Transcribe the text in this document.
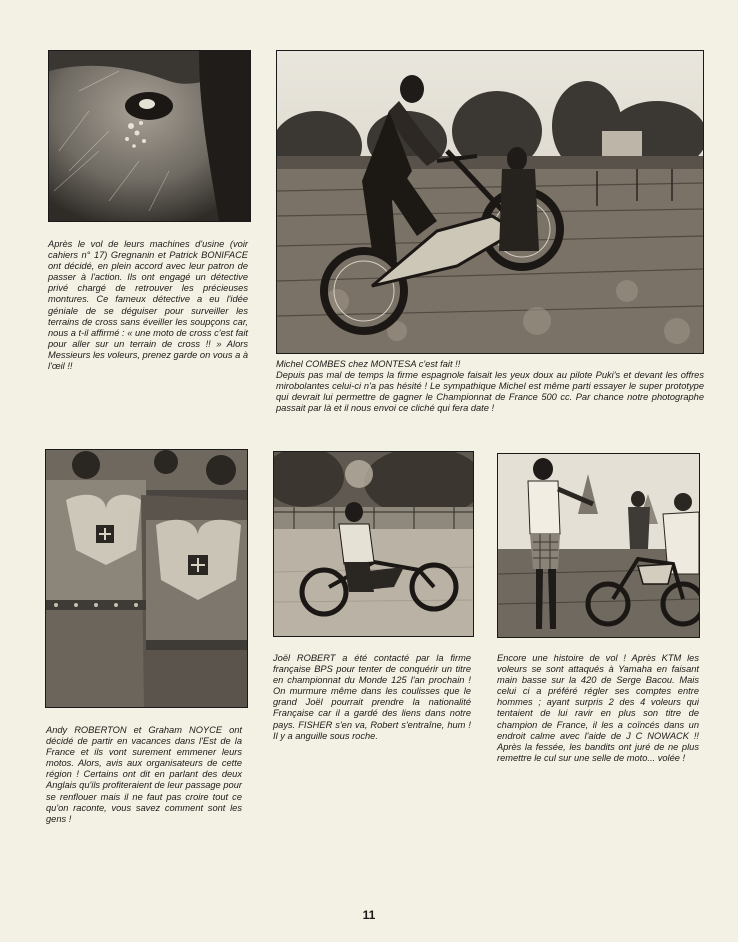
Après le vol de leurs machines d'usine (voir cahiers n° 17) Gregnanin et Patrick BONIFACE ont décidé, en plein accord avec leur patron de passer à l'action. Ils ont engagé un détective privé chargé de retrouver les précieuses montures. Ce fameux détective a eu l'idée géniale de se déguiser pour surveiller les terrains de cross sans éveiller les soupçons car, nous a t-il affirmé : « une moto de cross c'est fait pour aller sur un terrain de cross !! » Alors Messieurs les voleurs, prenez garde on vous a à l'œil !!	Michel COMBES chez MONTESA c'est fait !!
Depuis pas mal de temps la firme espagnole faisait les yeux doux au pilote Puki's et devant les offres mirobolantes celui-ci n'a pas hésité ! Le sympathique Michel est même parti essayer le super prototype qui devrait lui permettre de gagner le Championnat de France 500 cc. Par chance notre photographe passait par là et il nous envoi ce cliché qui fera date !
Andy ROBERTON et Graham NOYCE ont décidé de partir en vacances dans l'Est de la France et ils vont surement emmener leurs motos. Alors, avis aux organisateurs de cette région ! Certains ont dit en parlant des deux Anglais qu'ils profiteraient de leur passage pour se renflouer mais il ne faut pas croire tout ce qu'on raconte, vous savez comment sont les gens !
Joël ROBERT a été contacté par la firme française BPS pour tenter de conquérir un titre en championnat du Monde 125 l'an prochain ! On murmure même dans les coulisses que le grand Joël pourrait prendre la nationalité Française car il a gardé des liens dans notre pays. FISHER s'en va, Robert s'entraîne, hum ! Il y a anguille sous roche.
Encore une histoire de vol ! Après KTM les voleurs se sont attaqués à Yamaha en faisant main basse sur la 420 de Serge Bacou. Mais celui ci a préféré régler ses comptes entre hommes ; ayant surpris 2 des 4 voleurs qui tentaient de lui ravir en plus son titre de champion de France, il les a coïncés dans un endroit calme avec l'aide de J C NOWACK !! Après la fessée, les bandits ont juré de ne plus remettre le cul sur une selle de moto... volée !
11
